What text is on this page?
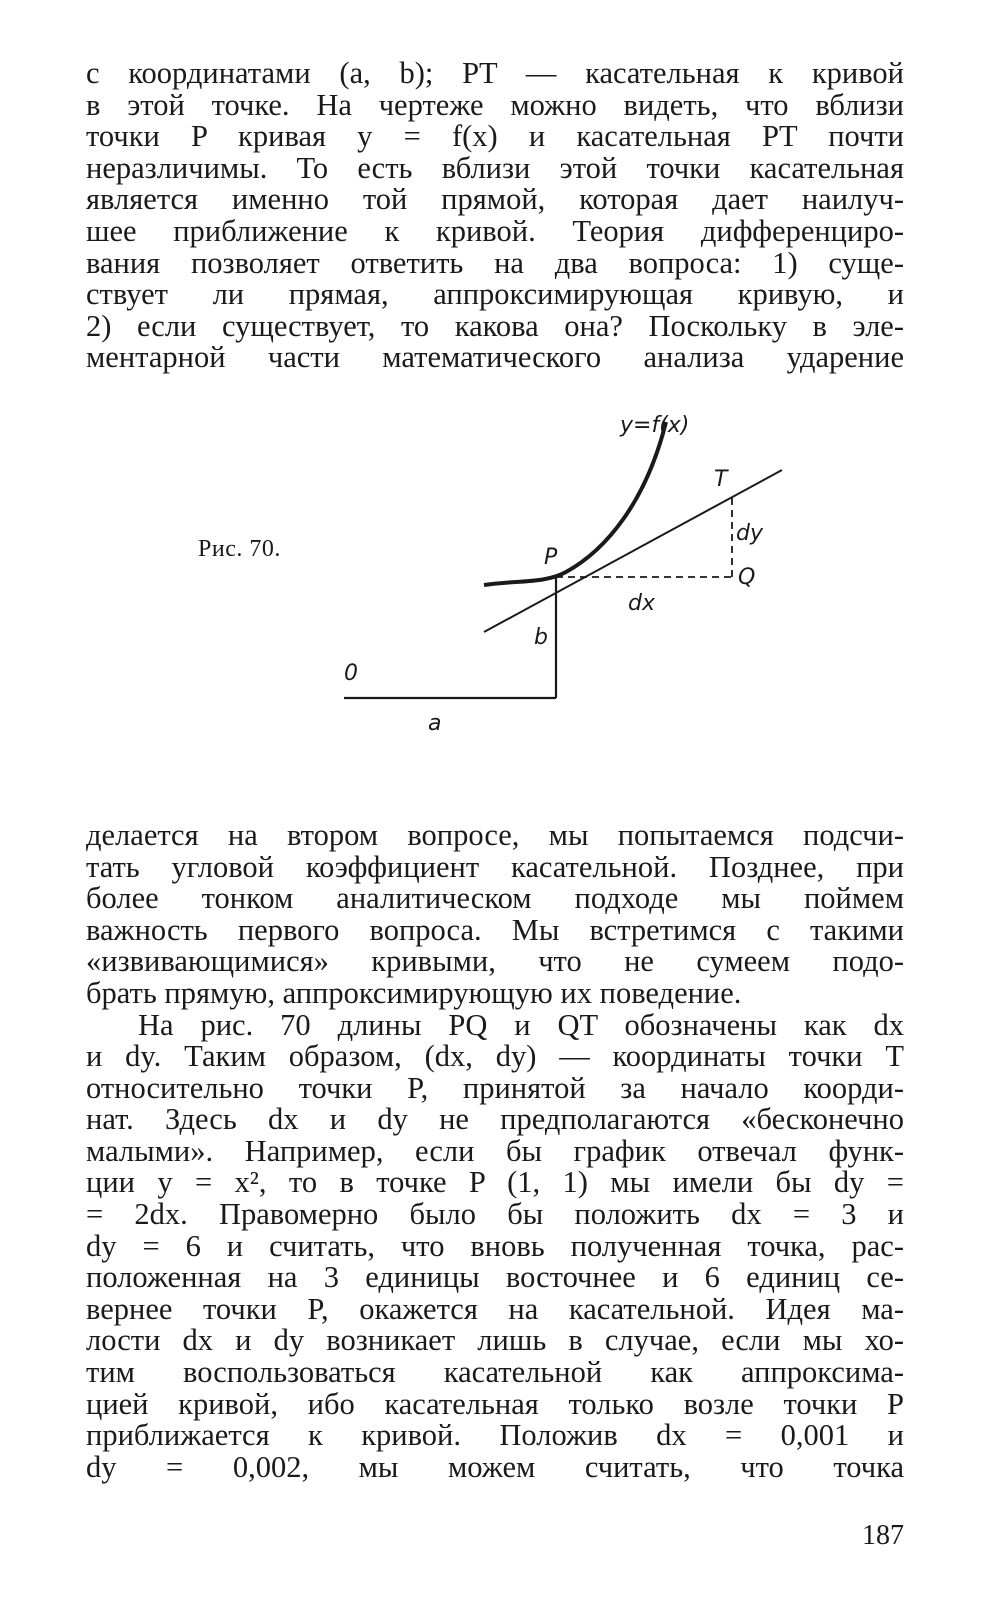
с координатами (a, b); PT — касательная к кривой
в этой точке. На чертеже можно видеть, что вблизи
точки P кривая y = f(x) и касательная PT почти
неразличимы. То есть вблизи этой точки касательная
является именно той прямой, которая дает наилуч-
шее приближение к кривой. Теория дифференциро-
вания позволяет ответить на два вопроса: 1) суще-
ствует ли прямая, аппроксимирующая кривую, и
2) если существует, то какова она? Поскольку в эле-
ментарной части математического анализа ударение
Рис. 70.
y=f(x)
T
dy
P
Q
dx
b
0
a
делается на втором вопросе, мы попытаемся подсчи-
тать угловой коэффициент касательной. Позднее, при
более тонком аналитическом подходе мы поймем
важность первого вопроса. Мы встретимся с такими
«извивающимися» кривыми, что не сумеем подо-
брать прямую, аппроксимирующую их поведение.
На рис. 70 длины PQ и QT обозначены как dx
и dy. Таким образом, (dx, dy) — координаты точки T
относительно точки P, принятой за начало коорди-
нат. Здесь dx и dy не предполагаются «бесконечно
малыми». Например, если бы график отвечал функ-
ции y = x², то в точке P (1, 1) мы имели бы dy =
= 2dx. Правомерно было бы положить dx = 3 и
dy = 6 и считать, что вновь полученная точка, рас-
положенная на 3 единицы восточнее и 6 единиц се-
вернее точки P, окажется на касательной. Идея ма-
лости dx и dy возникает лишь в случае, если мы хо-
тим воспользоваться касательной как аппроксима-
цией кривой, ибо касательная только возле точки P
приближается к кривой. Положив dx = 0,001 и
dy = 0,002, мы можем считать, что точка
187
